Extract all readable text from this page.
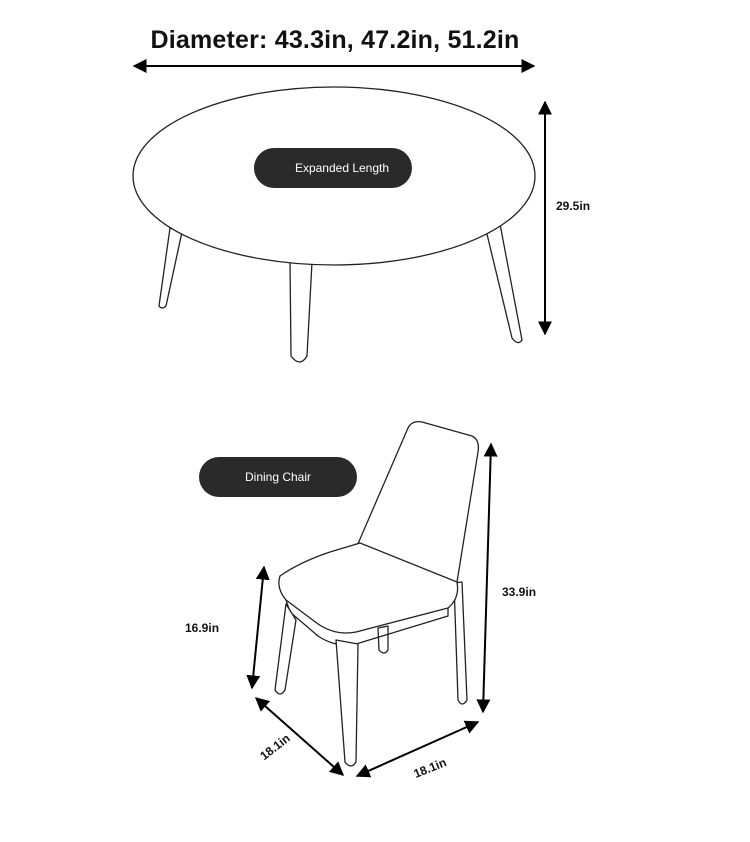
Diameter: 43.3in, 47.2in, 51.2in
Expanded Length
Dining Chair
29.5in
33.9in
16.9in
18.1in
18.1in
